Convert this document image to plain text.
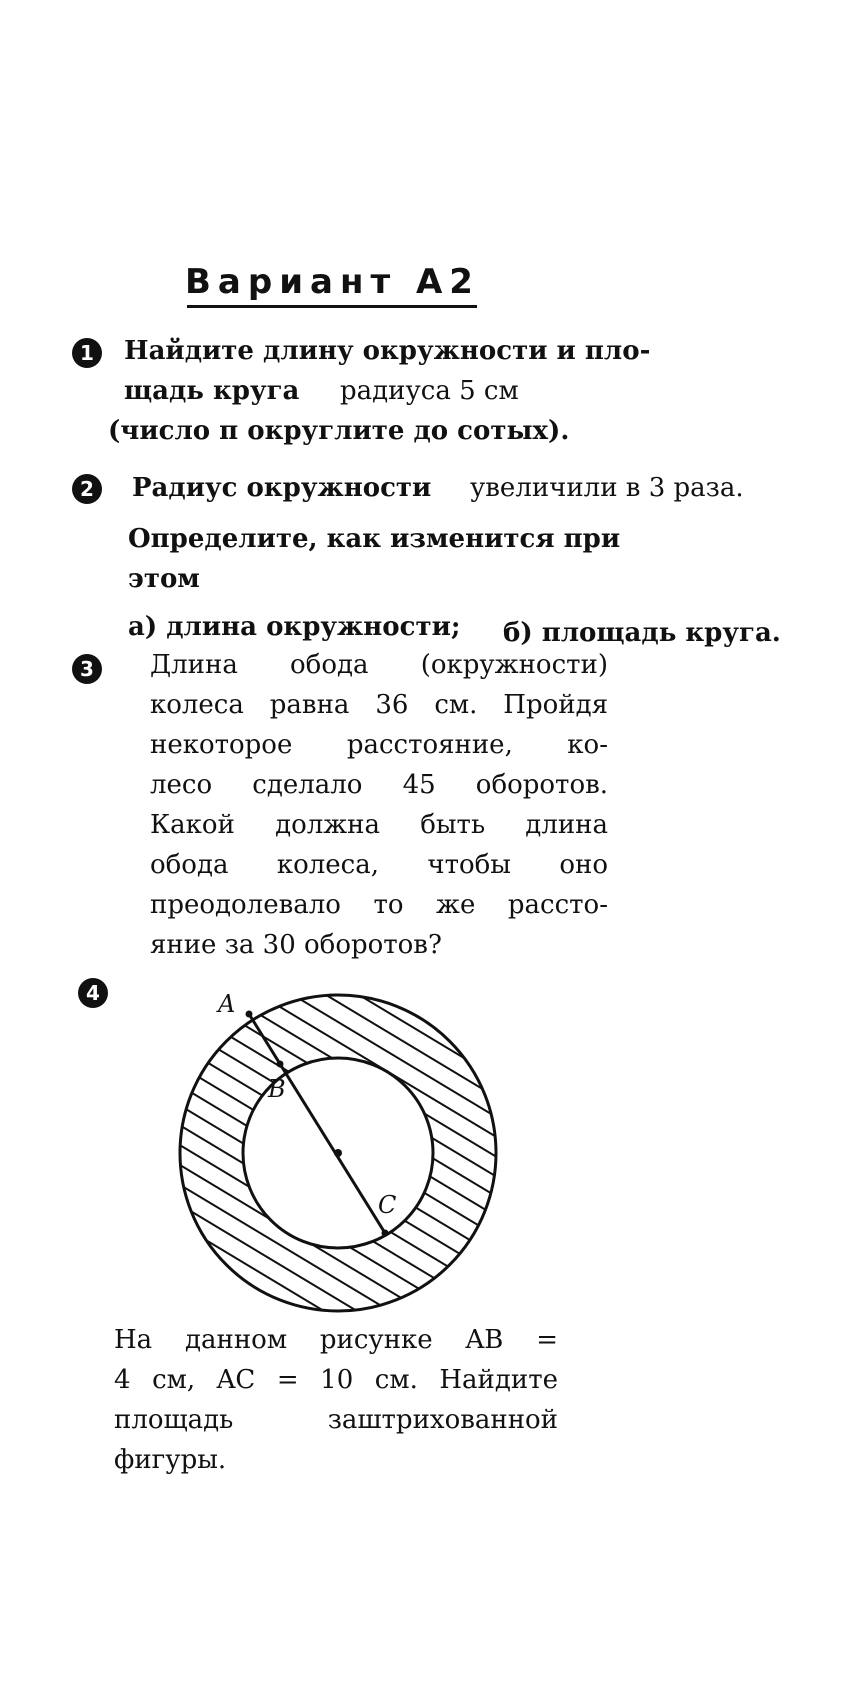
Вариант А2
1	Найдите длину окружности и пло-
щадь круга радиуса 5 см
(число π округлите до сотых).
2	Радиус окружности увеличили в 3 раза.
Определите, как изменится при
этом
а) длина окружности; б) площадь круга.
3	Длина обода (окружности)
колеса равна 36 см. Пройдя
некоторое расстояние, ко-
лесо сделало 45 оборотов.
Какой должна быть длина
обода колеса, чтобы оно
преодолевало то же рассто-
яние за 30 оборотов?
4	A
B
C
На данном рисунке AB =
4 см, AC = 10 см. Найдите
площадь заштрихованной
фигуры.
